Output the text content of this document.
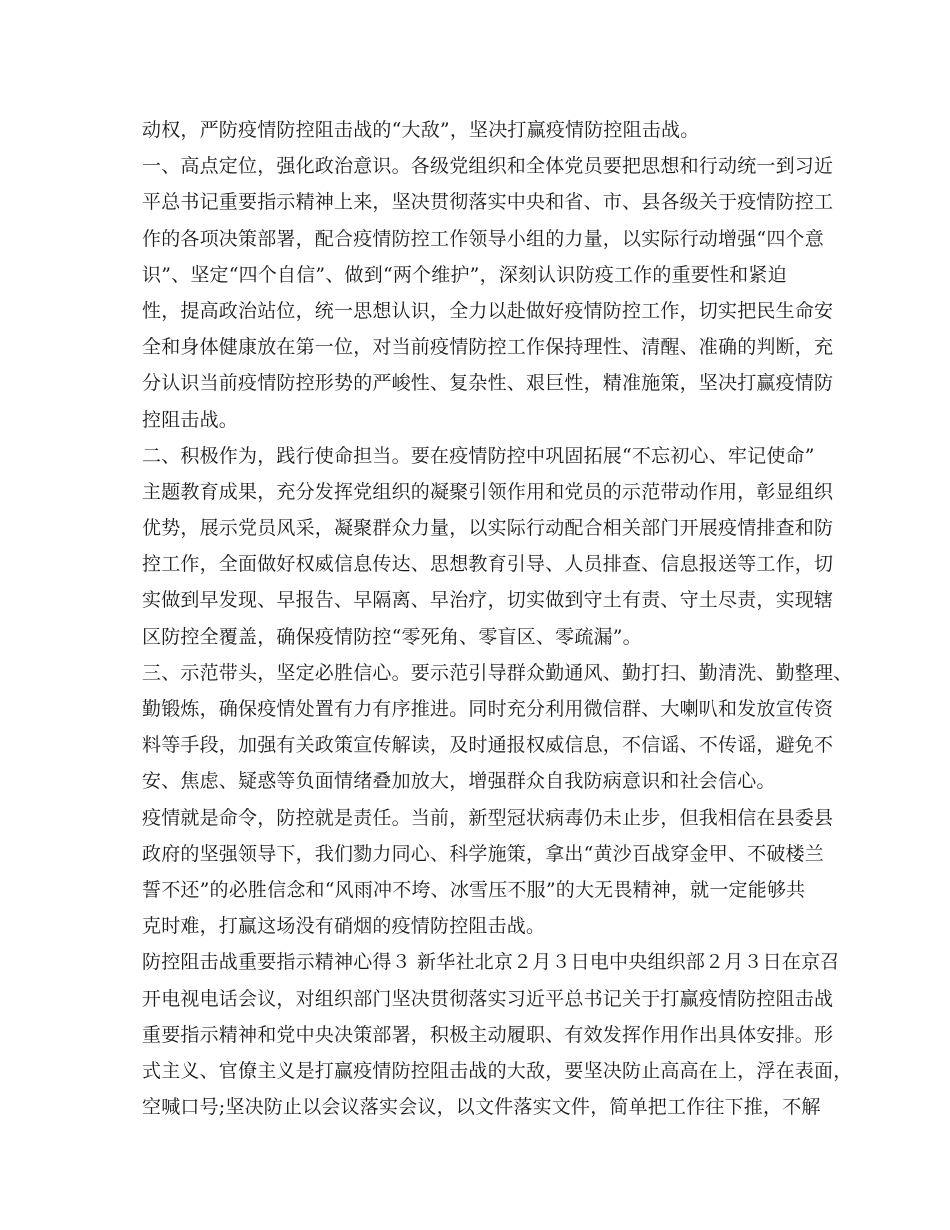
动权，严防疫情防控阻击战的“大敌”，坚决打赢疫情防控阻击战。
一、高点定位，强化政治意识。各级党组织和全体党员要把思想和行动统一到习近
平总书记重要指示精神上来，坚决贯彻落实中央和省、市、县各级关于疫情防控工
作的各项决策部署，配合疫情防控工作领导小组的力量，以实际行动增强“四个意
识”、坚定“四个自信”、做到“两个维护”，深刻认识防疫工作的重要性和紧迫
性，提高政治站位，统一思想认识，全力以赴做好疫情防控工作，切实把民生命安
全和身体健康放在第一位，对当前疫情防控工作保持理性、清醒、准确的判断，充
分认识当前疫情防控形势的严峻性、复杂性、艰巨性，精准施策，坚决打赢疫情防
控阻击战。
二、积极作为，践行使命担当。要在疫情防控中巩固拓展“不忘初心、牢记使命”
主题教育成果，充分发挥党组织的凝聚引领作用和党员的示范带动作用，彰显组织
优势，展示党员风采，凝聚群众力量，以实际行动配合相关部门开展疫情排查和防
控工作，全面做好权威信息传达、思想教育引导、人员排查、信息报送等工作，切
实做到早发现、早报告、早隔离、早治疗，切实做到守土有责、守土尽责，实现辖
区防控全覆盖，确保疫情防控“零死角、零盲区、零疏漏”。
三、示范带头，坚定必胜信心。要示范引导群众勤通风、勤打扫、勤清洗、勤整理、
勤锻炼，确保疫情处置有力有序推进。同时充分利用微信群、大喇叭和发放宣传资
料等手段，加强有关政策宣传解读，及时通报权威信息，不信谣、不传谣，避免不
安、焦虑、疑惑等负面情绪叠加放大，增强群众自我防病意识和社会信心。
疫情就是命令，防控就是责任。当前，新型冠状病毒仍未止步，但我相信在县委县
政府的坚强领导下，我们勠力同心、科学施策，拿出“黄沙百战穿金甲、不破楼兰
誓不还”的必胜信念和“风雨冲不垮、冰雪压不服”的大无畏精神，就一定能够共
克时难，打赢这场没有硝烟的疫情防控阻击战。
防控阻击战重要指示精神心得３ 新华社北京２月３日电中央组织部２月３日在京召
开电视电话会议，对组织部门坚决贯彻落实习近平总书记关于打赢疫情防控阻击战
重要指示精神和党中央决策部署，积极主动履职、有效发挥作用作出具体安排。形
式主义、官僚主义是打赢疫情防控阻击战的大敌，要坚决防止高高在上，浮在表面，
空喊口号;坚决防止以会议落实会议，以文件落实文件，简单把工作往下推，不解
